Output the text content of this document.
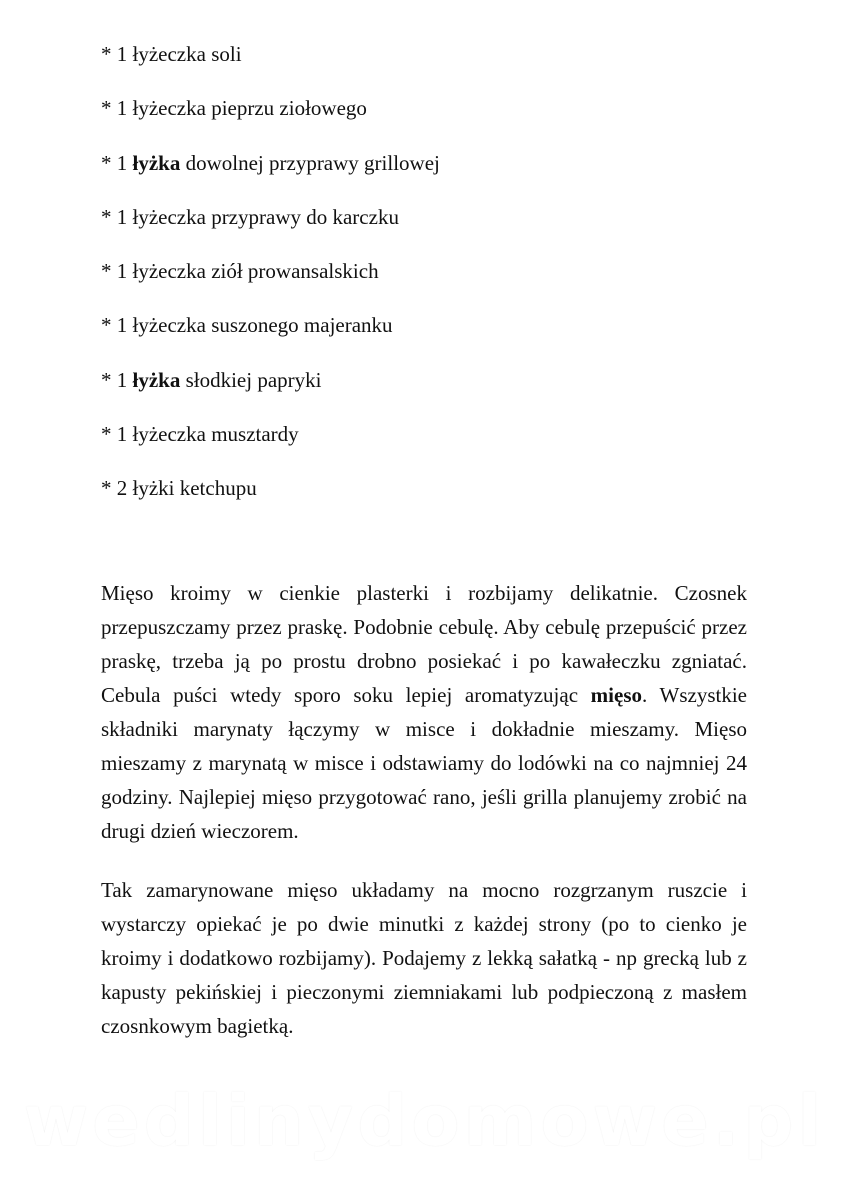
* 1 łyżeczka soli
* 1 łyżeczka pieprzu ziołowego
* 1 łyżka dowolnej przyprawy grillowej
* 1 łyżeczka przyprawy do karczku
* 1 łyżeczka ziół prowansalskich
* 1 łyżeczka suszonego majeranku
* 1 łyżka słodkiej papryki
* 1 łyżeczka musztardy
* 2 łyżki ketchupu

Mięso kroimy w cienkie plasterki i rozbijamy delikatnie. Czosnek przepuszczamy przez praskę. Podobnie cebulę. Aby cebulę przepuścić przez praskę, trzeba ją po prostu drobno posiekać i po kawałeczku zgniatać. Cebula puści wtedy sporo soku lepiej aromatyzując mięso. Wszystkie składniki marynaty łączymy w misce i dokładnie mieszamy. Mięso mieszamy z marynatą w misce i odstawiamy do lodówki na co najmniej 24 godziny. Najlepiej mięso przygotować rano, jeśli grilla planujemy zrobić na drugi dzień wieczorem.

Tak zamarynowane mięso układamy na mocno rozgrzanym ruszcie i wystarczy opiekać je po dwie minutki z każdej strony (po to cienko je kroimy i dodatkowo rozbijamy). Podajemy z lekką sałatką - np grecką lub z kapusty pekińskiej i pieczonymi ziemniakami lub podpieczoną z masłem czosnkowym bagietką.

wedlinydomowe.pl
